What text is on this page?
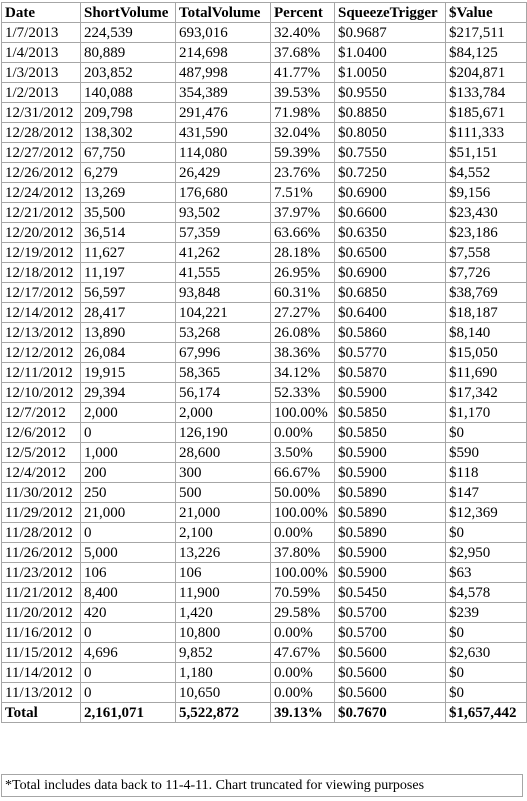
Date	ShortVolume	TotalVolume	Percent	SqueezeTrigger	$Value
1/7/2013	224,539	693,016	32.40%	$0.9687	$217,511
1/4/2013	80,889	214,698	37.68%	$1.0400	$84,125
1/3/2013	203,852	487,998	41.77%	$1.0050	$204,871
1/2/2013	140,088	354,389	39.53%	$0.9550	$133,784
12/31/2012	209,798	291,476	71.98%	$0.8850	$185,671
12/28/2012	138,302	431,590	32.04%	$0.8050	$111,333
12/27/2012	67,750	114,080	59.39%	$0.7550	$51,151
12/26/2012	6,279	26,429	23.76%	$0.7250	$4,552
12/24/2012	13,269	176,680	7.51%	$0.6900	$9,156
12/21/2012	35,500	93,502	37.97%	$0.6600	$23,430
12/20/2012	36,514	57,359	63.66%	$0.6350	$23,186
12/19/2012	11,627	41,262	28.18%	$0.6500	$7,558
12/18/2012	11,197	41,555	26.95%	$0.6900	$7,726
12/17/2012	56,597	93,848	60.31%	$0.6850	$38,769
12/14/2012	28,417	104,221	27.27%	$0.6400	$18,187
12/13/2012	13,890	53,268	26.08%	$0.5860	$8,140
12/12/2012	26,084	67,996	38.36%	$0.5770	$15,050
12/11/2012	19,915	58,365	34.12%	$0.5870	$11,690
12/10/2012	29,394	56,174	52.33%	$0.5900	$17,342
12/7/2012	2,000	2,000	100.00%	$0.5850	$1,170
12/6/2012	0	126,190	0.00%	$0.5850	$0
12/5/2012	1,000	28,600	3.50%	$0.5900	$590
12/4/2012	200	300	66.67%	$0.5900	$118
11/30/2012	250	500	50.00%	$0.5890	$147
11/29/2012	21,000	21,000	100.00%	$0.5890	$12,369
11/28/2012	0	2,100	0.00%	$0.5890	$0
11/26/2012	5,000	13,226	37.80%	$0.5900	$2,950
11/23/2012	106	106	100.00%	$0.5900	$63
11/21/2012	8,400	11,900	70.59%	$0.5450	$4,578
11/20/2012	420	1,420	29.58%	$0.5700	$239
11/16/2012	0	10,800	0.00%	$0.5700	$0
11/15/2012	4,696	9,852	47.67%	$0.5600	$2,630
11/14/2012	0	1,180	0.00%	$0.5600	$0
11/13/2012	0	10,650	0.00%	$0.5600	$0
Total	2,161,071	5,522,872	39.13%	$0.7670	$1,657,442
*Total includes data back to 11-4-11. Chart truncated for viewing purposes
